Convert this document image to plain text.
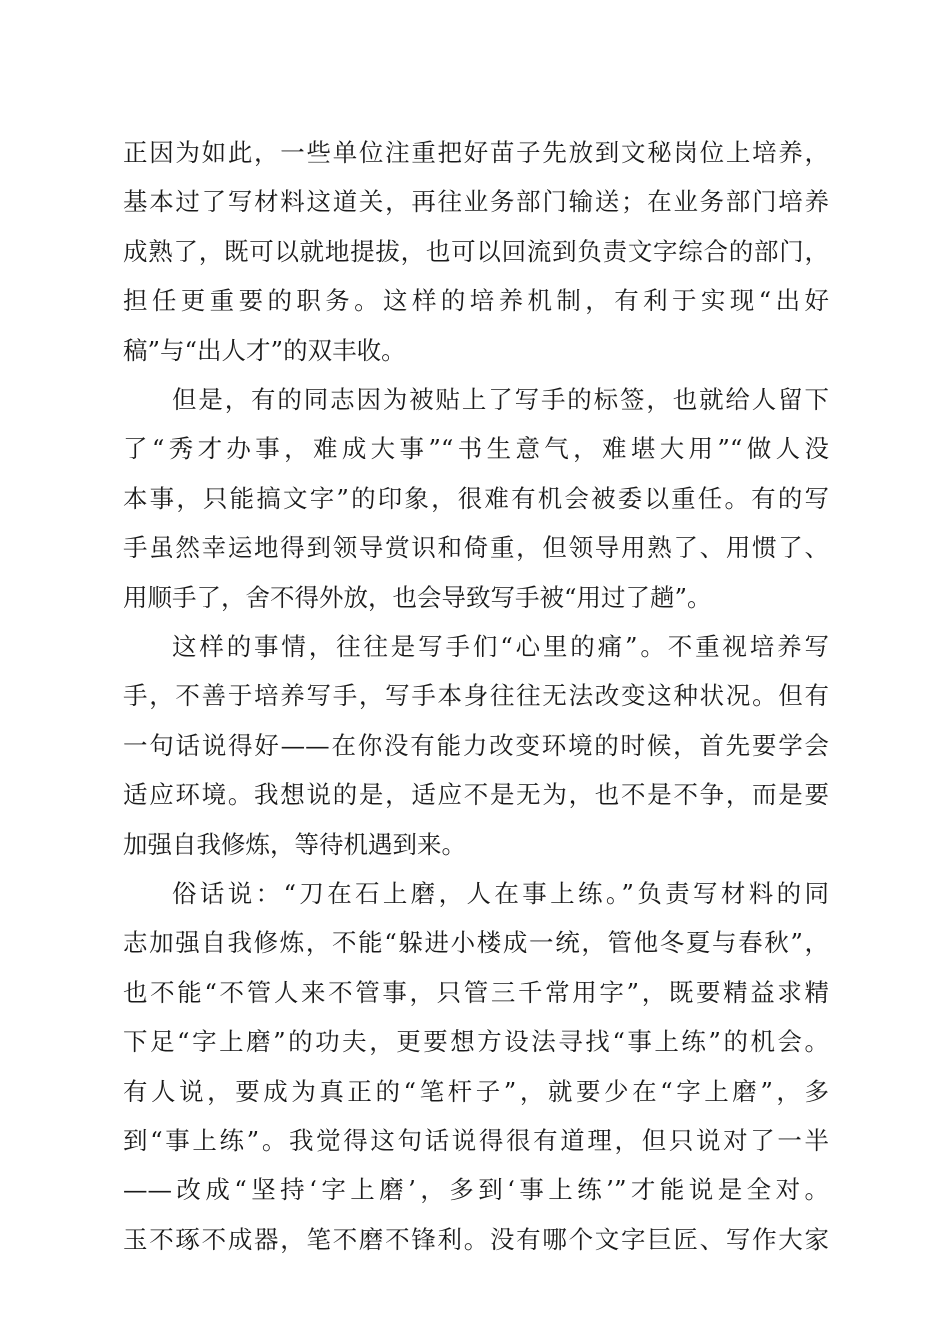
正因为如此，一些单位注重把好苗子先放到文秘岗位上培养，
基本过了写材料这道关，再往业务部门输送；在业务部门培养
成熟了，既可以就地提拔，也可以回流到负责文字综合的部门，
担任更重要的职务。这样的培养机制，有利于实现“出好
稿”与“出人才”的双丰收。
但是，有的同志因为被贴上了写手的标签，也就给人留下
了“秀才办事，难成大事”“书生意气，难堪大用”“做人没
本事，只能搞文字”的印象，很难有机会被委以重任。有的写
手虽然幸运地得到领导赏识和倚重，但领导用熟了、用惯了、
用顺手了，舍不得外放，也会导致写手被“用过了趟”。
这样的事情，往往是写手们“心里的痛”。不重视培养写
手，不善于培养写手，写手本身往往无法改变这种状况。但有
一句话说得好——在你没有能力改变环境的时候，首先要学会
适应环境。我想说的是，适应不是无为，也不是不争，而是要
加强自我修炼，等待机遇到来。
俗话说：“刀在石上磨，人在事上练。”负责写材料的同
志加强自我修炼，不能“躲进小楼成一统，管他冬夏与春秋”，
也不能“不管人来不管事，只管三千常用字”，既要精益求精
下足“字上磨”的功夫，更要想方设法寻找“事上练”的机会。
有人说，要成为真正的“笔杆子”，就要少在“字上磨”，多
到“事上练”。我觉得这句话说得很有道理，但只说对了一半
——改成“坚持‘字上磨’，多到‘事上练’”才能说是全对。
玉不琢不成器，笔不磨不锋利。没有哪个文字巨匠、写作大家
